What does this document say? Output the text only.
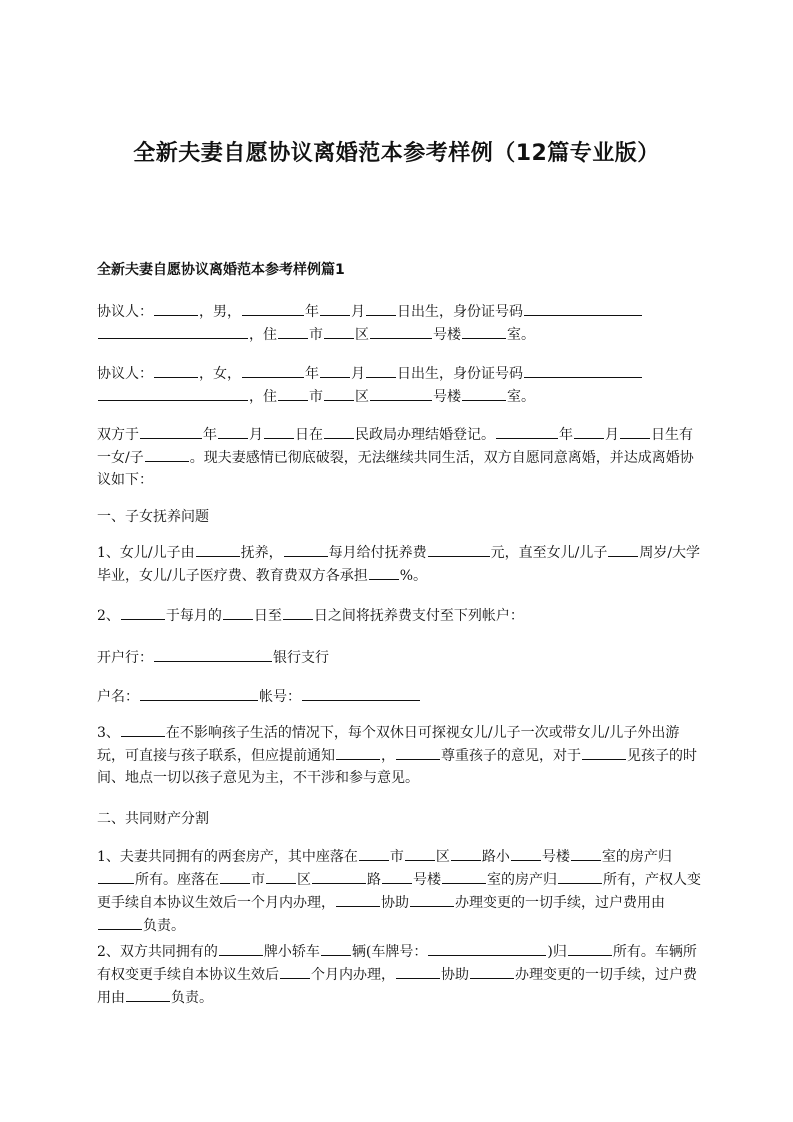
全新夫妻自愿协议离婚范本参考样例（12篇专业版）
全新夫妻自愿协议离婚范本参考样例篇1

协议人：	，男，	年 月 日出生，身份证号码，住 市 区	号楼	室。

协议人：	，女，	年 月 日出生，身份证号码，住 市 区	号楼	室。

双方于	年 月 日在 民政局办理结婚登记。	年 月 日生有一女/子	。现夫妻感情已彻底破裂，无法继续共同生活，双方自愿同意离婚，并达成离婚协议如下：

一、子女抚养问题

1、女儿/儿子由	抚养，	每月给付抚养费	元，直至女儿/儿子 周岁/大学毕业，女儿/儿子医疗费、教育费双方各承担 %。

2、	于每月的 日至 日之间将抚养费支付至下列帐户：

开户行：	银行支行

户名：	帐号：

3、	在不影响孩子生活的情况下，每个双休日可探视女儿/儿子一次或带女儿/儿子外出游玩，可直接与孩子联系，但应提前通知	，	尊重孩子的意见，对于	见孩子的时间、地点一切以孩子意见为主，不干涉和参与意见。

二、共同财产分割

1、夫妻共同拥有的两套房产，其中座落在 市 区 路小 号楼 室的房产归所有。座落在 市 区	路 号楼	室的房产归	所有，产权人变更手续自本协议生效后一个月内办理，	协助	办理变更的一切手续，过户费用由负责。

2、双方共同拥有的	牌小轿车 辆(车牌号：	)归	所有。车辆所有权变更手续自本协议生效后 个月内办理，	协助	办理变更的一切手续，过户费用由	负责。
